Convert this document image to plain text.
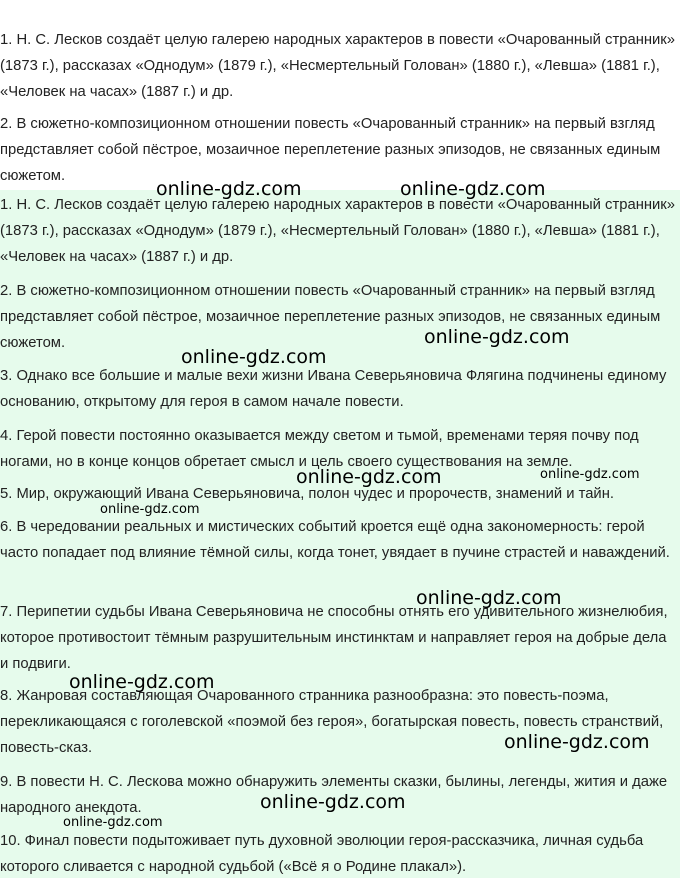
1. Н. С. Лесков создаёт целую галерею народных характеров в повести «Очарованный странник» (1873 г.), рассказах «Однодум» (1879 г.), «Несмертельный Голован» (1880 г.), «Левша» (1881 г.), «Человек на часах» (1887 г.) и др.

2. В сюжетно-композиционном отношении повесть «Очарованный странник» на первый взгляд представляет собой пёстрое, мозаичное переплетение разных эпизодов, не связанных единым сюжетом.

1. Н. С. Лесков создаёт целую галерею народных характеров в повести «Очарованный странник» (1873 г.), рассказах «Однодум» (1879 г.), «Несмертельный Голован» (1880 г.), «Левша» (1881 г.), «Человек на часах» (1887 г.) и др.

2. В сюжетно-композиционном отношении повесть «Очарованный странник» на первый взгляд представляет собой пёстрое, мозаичное переплетение разных эпизодов, не связанных единым сюжетом.

3. Однако все большие и малые вехи жизни Ивана Северьяновича Флягина подчинены единому основанию, открытому для героя в самом начале повести.

4. Герой повести постоянно оказывается между светом и тьмой, временами теряя почву под ногами, но в конце концов обретает смысл и цель своего существования на земле.

5. Мир, окружающий Ивана Северьяновича, полон чудес и пророчеств, знамений и тайн.

6. В чередовании реальных и мистических событий кроется ещё одна закономерность: герой часто попадает под влияние тёмной силы, когда тонет, увядает в пучине страстей и наваждений.

7. Перипетии судьбы Ивана Северьяновича не способны отнять его удивительного жизнелюбия, которое противостоит тёмным разрушительным инстинктам и направляет героя на добрые дела и подвиги.

8. Жанровая составляющая Очарованного странника разнообразна: это повесть-поэма, перекликающаяся с гоголевской «поэмой без героя», богатырская повесть, повесть странствий, повесть-сказ.

9. В повести Н. С. Лескова можно обнаружить элементы сказки, былины, легенды, жития и даже народного анекдота.

10. Финал повести подытоживает путь духовной эволюции героя-рассказчика, личная судьба которого сливается с народной судьбой («Всё я о Родине плакал»).

online-gdz.com	online-gdz.com
online-gdz.com
online-gdz.com
online-gdz.com
online-gdz.com
online-gdz.com
online-gdz.com
online-gdz.com
online-gdz.com
online-gdz.com
online-gdz.com
